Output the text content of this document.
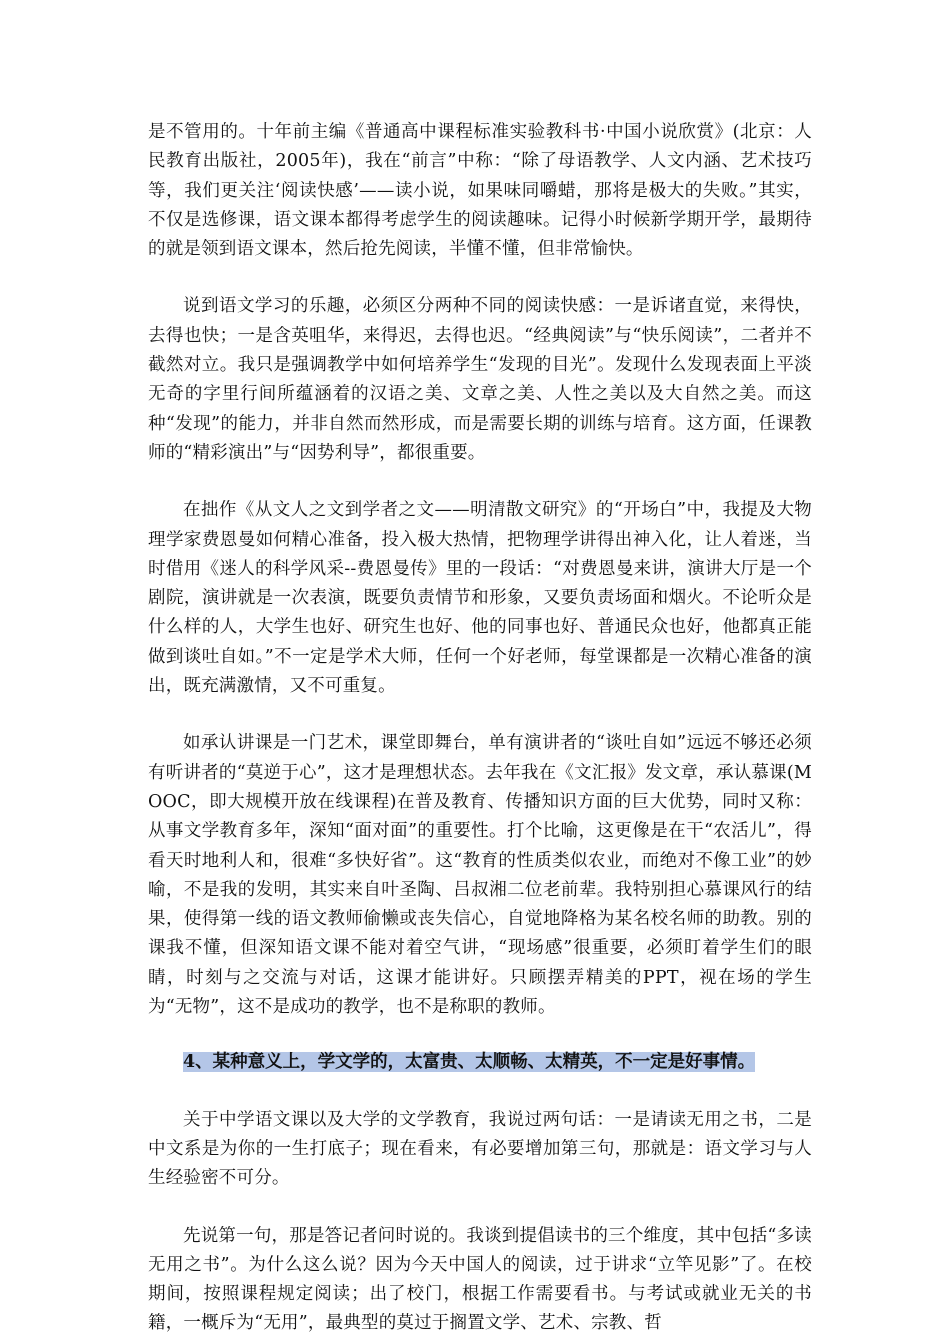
是不管用的。十年前主编《普通高中课程标准实验教科书·中国小说欣赏》(北京：人民教育出版社，2005年)，我在“前言”中称：“除了母语教学、人文内涵、艺术技巧等，我们更关注‘阅读快感’——读小说，如果味同嚼蜡，那将是极大的失败。”其实，不仅是选修课，语文课本都得考虑学生的阅读趣味。记得小时候新学期开学，最期待的就是领到语文课本，然后抢先阅读，半懂不懂，但非常愉快。

说到语文学习的乐趣，必须区分两种不同的阅读快感：一是诉诸直觉，来得快，去得也快；一是含英咀华，来得迟，去得也迟。“经典阅读”与“快乐阅读”，二者并不截然对立。我只是强调教学中如何培养学生“发现的目光”。发现什么发现表面上平淡无奇的字里行间所蕴涵着的汉语之美、文章之美、人性之美以及大自然之美。而这种“发现”的能力，并非自然而然形成，而是需要长期的训练与培育。这方面，任课教师的“精彩演出”与“因势利导”，都很重要。

在拙作《从文人之文到学者之文——明清散文研究》的“开场白”中，我提及大物理学家费恩曼如何精心准备，投入极大热情，把物理学讲得出神入化，让人着迷，当时借用《迷人的科学风采--费恩曼传》里的一段话：“对费恩曼来讲，演讲大厅是一个剧院，演讲就是一次表演，既要负责情节和形象，又要负责场面和烟火。不论听众是什么样的人，大学生也好、研究生也好、他的同事也好、普通民众也好，他都真正能做到谈吐自如。”不一定是学术大师，任何一个好老师，每堂课都是一次精心准备的演出，既充满激情，又不可重复。

如承认讲课是一门艺术，课堂即舞台，单有演讲者的“谈吐自如”远远不够还必须有听讲者的“莫逆于心”，这才是理想状态。去年我在《文汇报》发文章，承认慕课(MOOC，即大规模开放在线课程)在普及教育、传播知识方面的巨大优势，同时又称：从事文学教育多年，深知“面对面”的重要性。打个比喻，这更像是在干“农活儿”，得看天时地利人和，很难“多快好省”。这“教育的性质类似农业，而绝对不像工业”的妙喻，不是我的发明，其实来自叶圣陶、吕叔湘二位老前辈。我特别担心慕课风行的结果，使得第一线的语文教师偷懒或丧失信心，自觉地降格为某名校名师的助教。别的课我不懂，但深知语文课不能对着空气讲，“现场感”很重要，必须盯着学生们的眼睛，时刻与之交流与对话，这课才能讲好。只顾摆弄精美的PPT，视在场的学生为“无物”，这不是成功的教学，也不是称职的教师。

4、某种意义上，学文学的，太富贵、太顺畅、太精英，不一定是好事情。

关于中学语文课以及大学的文学教育，我说过两句话：一是请读无用之书，二是中文系是为你的一生打底子；现在看来，有必要增加第三句，那就是：语文学习与人生经验密不可分。

先说第一句，那是答记者问时说的。我谈到提倡读书的三个维度，其中包括“多读无用之书”。为什么这么说？因为今天中国人的阅读，过于讲求“立竿见影”了。在校期间，按照课程规定阅读；出了校门，根据工作需要看书。与考试或就业无关的书籍，一概斥为“无用”，最典型的莫过于搁置文学、艺术、宗教、哲
